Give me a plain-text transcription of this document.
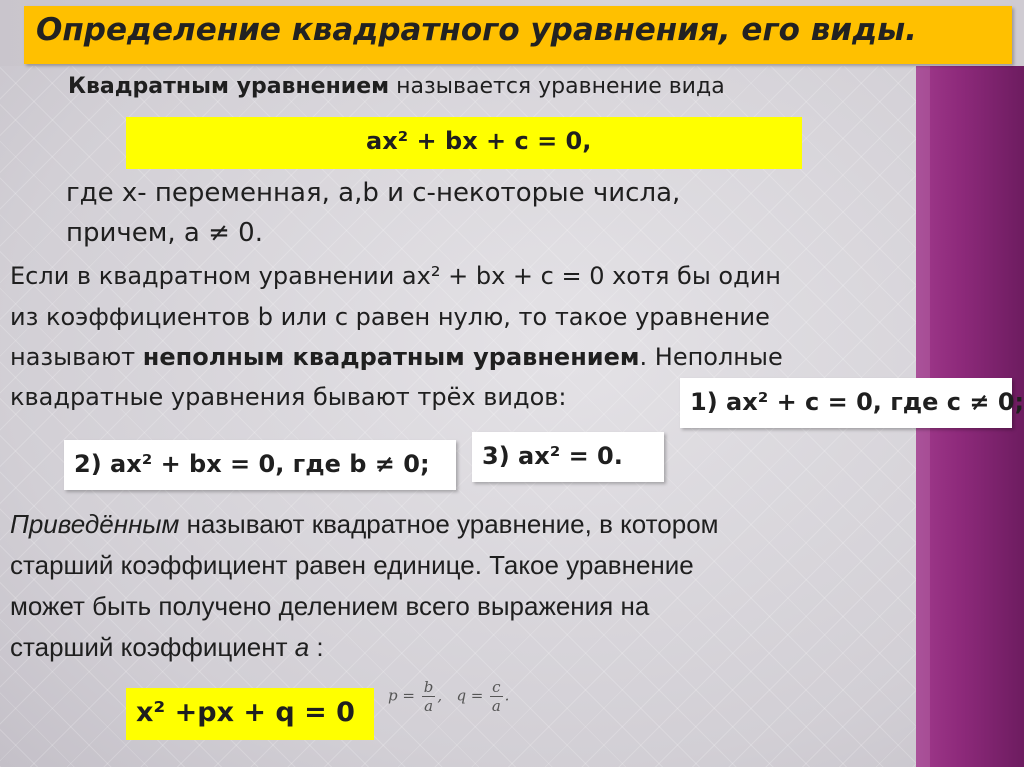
Определение квадратного уравнения, его виды.
Квадратным уравнением называется уравнение вида
ax² + bx + c = 0,
где x- переменная, a,b и c-некоторые числа,
причем, a ≠ 0.
Если в квадратном уравнении ax² + bx + c = 0 хотя бы один
из коэффициентов b или c равен нулю, то такое уравнение
называют неполным квадратным уравнением. Неполные
квадратные уравнения бывают трёх видов:	1) ax² + c = 0, где c ≠ 0;
2) ax² + bx = 0, где b ≠ 0; 3) ax² = 0.
Приведённым называют квадратное уравнение, в котором
старший коэффициент равен единице. Такое уравнение
может быть получено делением всего выражения на
старший коэффициент a :
x² +px + q = 0
$p = \frac{b}{a}$ , $q = \frac{c}{a}$ .
